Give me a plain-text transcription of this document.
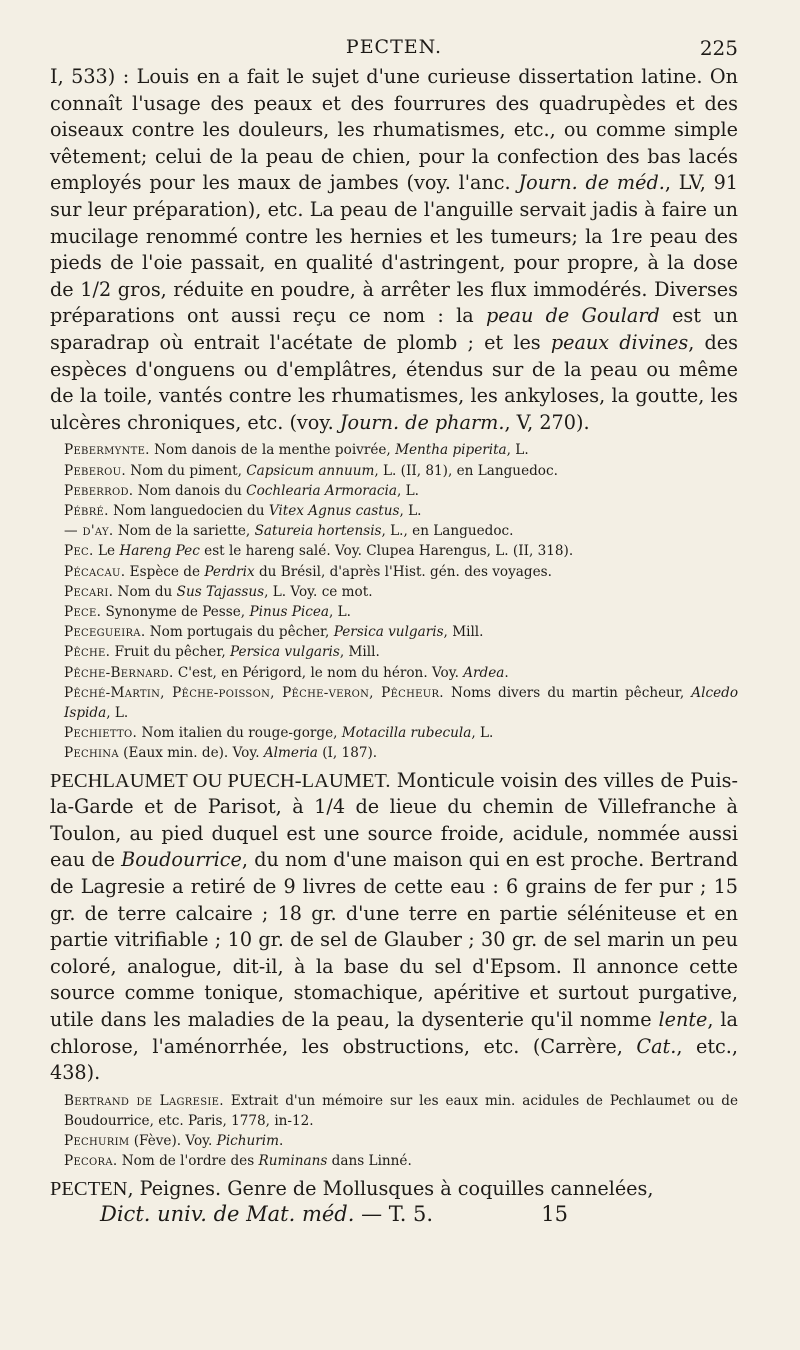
PECTEN.	225

I, 533) : Louis en a fait le sujet d'une curieuse dissertation latine. On connaît l'usage des peaux et des fourrures des quadrupèdes et des oiseaux contre les douleurs, les rhumatismes, etc., ou comme simple vêtement; celui de la peau de chien, pour la confection des bas lacés employés pour les maux de jambes (voy. l'anc. Journ. de méd., LV, 91 sur leur préparation), etc. La peau de l'anguille servait jadis à faire un mucilage renommé contre les hernies et les tumeurs; la 1re peau des pieds de l'oie passait, en qualité d'astringent, pour propre, à la dose de 1/2 gros, réduite en poudre, à arrêter les flux immodérés. Diverses préparations ont aussi reçu ce nom : la peau de Goulard est un sparadrap où entrait l'acétate de plomb ; et les peaux divines, des espèces d'onguens ou d'emplâtres, étendus sur de la peau ou même de la toile, vantés contre les rhumatismes, les ankyloses, la goutte, les ulcères chroniques, etc. (voy. Journ. de pharm., V, 270).

Pebermynte. Nom danois de la menthe poivrée, Mentha piperita, L.

Peberou. Nom du piment, Capsicum annuum, L. (II, 81), en Languedoc.

Peberrod. Nom danois du Cochlearia Armoracia, L.

Pébré. Nom languedocien du Vitex Agnus castus, L.

— d'ay. Nom de la sariette, Satureia hortensis, L., en Languedoc.

Pec. Le Hareng Pec est le hareng salé. Voy. Clupea Harengus, L. (II, 318).

Pécacau. Espèce de Perdrix du Brésil, d'après l'Hist. gén. des voyages.

Pecari. Nom du Sus Tajassus, L. Voy. ce mot.

Pece. Synonyme de Pesse, Pinus Picea, L.

Pecegueira. Nom portugais du pêcher, Persica vulgaris, Mill.

Pêche. Fruit du pêcher, Persica vulgaris, Mill.

Pêche-Bernard. C'est, en Périgord, le nom du héron. Voy. Ardea.

Pêché-Martin, Pêche-poisson, Pêche-veron, Pêcheur. Noms divers du martin pêcheur, Alcedo Ispida, L.

Pechietto. Nom italien du rouge-gorge, Motacilla rubecula, L.

Pechina (Eaux min. de). Voy. Almeria (I, 187).

PECHLAUMET OU PUECH-LAUMET. Monticule voisin des villes de Puis-la-Garde et de Parisot, à 1/4 de lieue du chemin de Villefranche à Toulon, au pied duquel est une source froide, acidule, nommée aussi eau de Boudourrice, du nom d'une maison qui en est proche. Bertrand de Lagresie a retiré de 9 livres de cette eau : 6 grains de fer pur ; 15 gr. de terre calcaire ; 18 gr. d'une terre en partie séléniteuse et en partie vitrifiable ; 10 gr. de sel de Glauber ; 30 gr. de sel marin un peu coloré, analogue, dit-il, à la base du sel d'Epsom. Il annonce cette source comme tonique, stomachique, apéritive et surtout purgative, utile dans les maladies de la peau, la dysenterie qu'il nomme lente, la chlorose, l'aménorrhée, les obstructions, etc. (Carrère, Cat., etc., 438).

Bertrand de Lagresie. Extrait d'un mémoire sur les eaux min. acidules de Pechlaumet ou de Boudourrice, etc. Paris, 1778, in-12.

Pechurim (Fève). Voy. Pichurim.

Pecora. Nom de l'ordre des Ruminans dans Linné.

PECTEN, Peignes. Genre de Mollusques à coquilles cannelées,

Dict. univ. de Mat. méd. — T. 5.	15
